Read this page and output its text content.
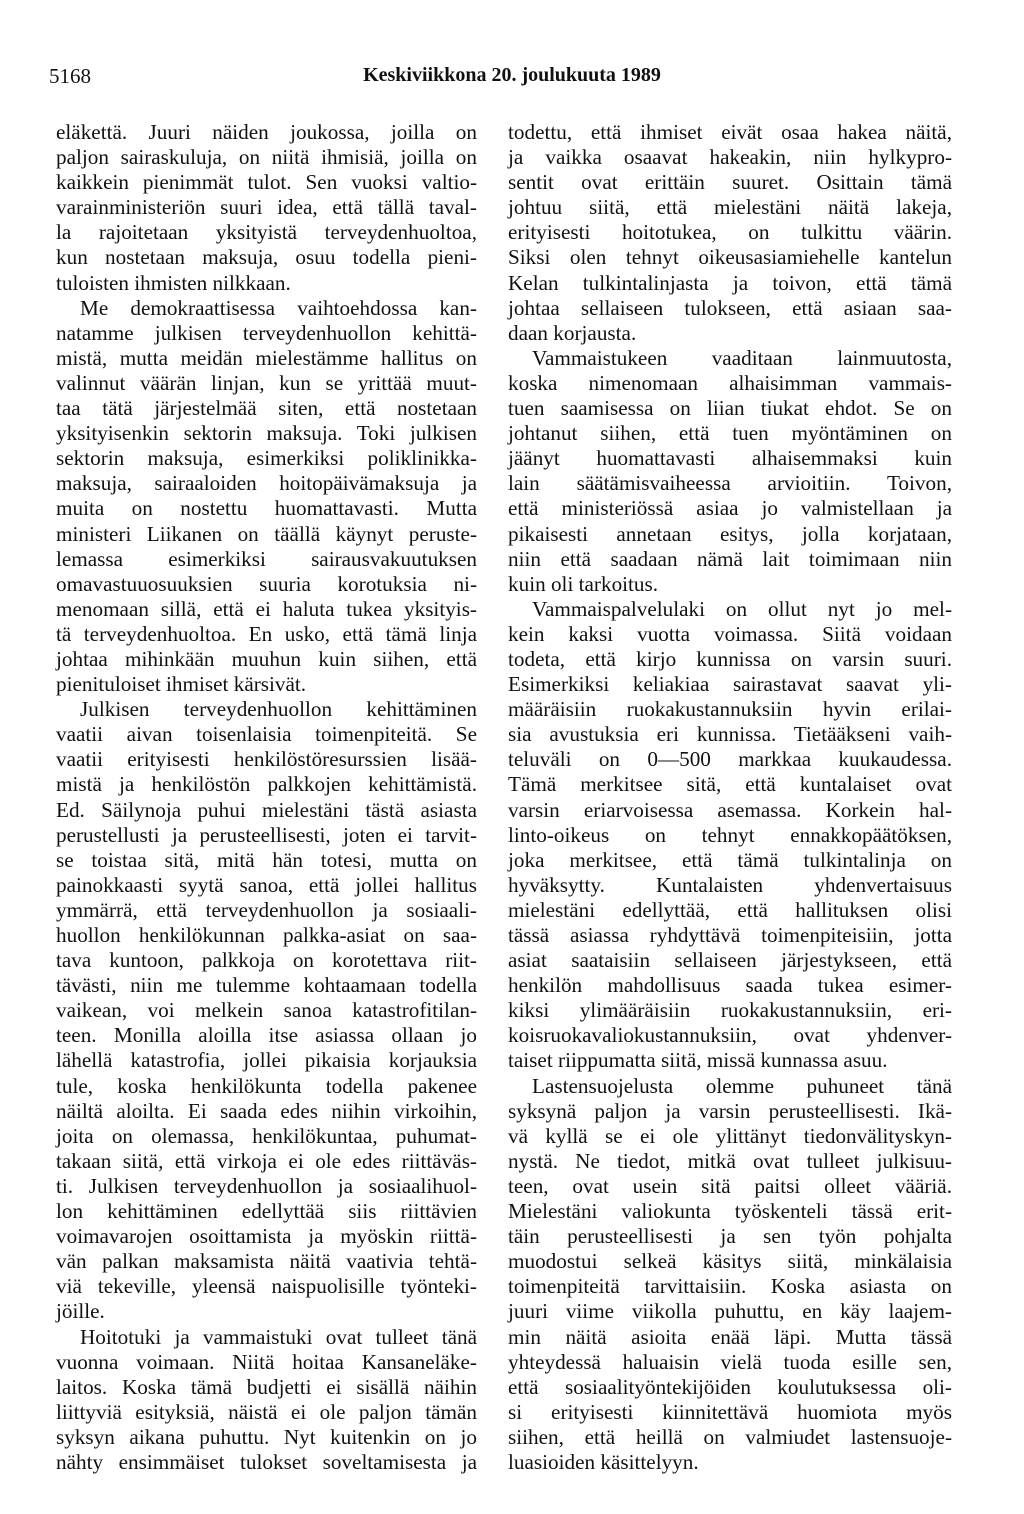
5168	Keskiviikkona 20. joulukuuta 1989
eläkettä. Juuri näiden joukossa, joilla on
paljon sairaskuluja, on niitä ihmisiä, joilla on
kaikkein pienimmät tulot. Sen vuoksi valtio-
varainministeriön suuri idea, että tällä taval-
la rajoitetaan yksityistä terveydenhuoltoa,
kun nostetaan maksuja, osuu todella pieni-
tuloisten ihmisten nilkkaan.
Me demokraattisessa vaihtoehdossa kan-
natamme julkisen terveydenhuollon kehittä-
mistä, mutta meidän mielestämme hallitus on
valinnut väärän linjan, kun se yrittää muut-
taa tätä järjestelmää siten, että nostetaan
yksityisenkin sektorin maksuja. Toki julkisen
sektorin maksuja, esimerkiksi poliklinikka-
maksuja, sairaaloiden hoitopäivämaksuja ja
muita on nostettu huomattavasti. Mutta
ministeri Liikanen on täällä käynyt peruste-
lemassa esimerkiksi sairausvakuutuksen
omavastuuosuuksien suuria korotuksia ni-
menomaan sillä, että ei haluta tukea yksityis-
tä terveydenhuoltoa. En usko, että tämä linja
johtaa mihinkään muuhun kuin siihen, että
pienituloiset ihmiset kärsivät.
Julkisen terveydenhuollon kehittäminen
vaatii aivan toisenlaisia toimenpiteitä. Se
vaatii erityisesti henkilöstöresurssien lisää-
mistä ja henkilöstön palkkojen kehittämistä.
Ed. Säilynoja puhui mielestäni tästä asiasta
perustellusti ja perusteellisesti, joten ei tarvit-
se toistaa sitä, mitä hän totesi, mutta on
painokkaasti syytä sanoa, että jollei hallitus
ymmärrä, että terveydenhuollon ja sosiaali-
huollon henkilökunnan palkka-asiat on saa-
tava kuntoon, palkkoja on korotettava riit-
tävästi, niin me tulemme kohtaamaan todella
vaikean, voi melkein sanoa katastrofitilan-
teen. Monilla aloilla itse asiassa ollaan jo
lähellä katastrofia, jollei pikaisia korjauksia
tule, koska henkilökunta todella pakenee
näiltä aloilta. Ei saada edes niihin virkoihin,
joita on olemassa, henkilökuntaa, puhumat-
takaan siitä, että virkoja ei ole edes riittäväs-
ti. Julkisen terveydenhuollon ja sosiaalihuol-
lon kehittäminen edellyttää siis riittävien
voimavarojen osoittamista ja myöskin riittä-
vän palkan maksamista näitä vaativia tehtä-
viä tekeville, yleensä naispuolisille työnteki-
jöille.
Hoitotuki ja vammaistuki ovat tulleet tänä
vuonna voimaan. Niitä hoitaa Kansaneläke-
laitos. Koska tämä budjetti ei sisällä näihin
liittyviä esityksiä, näistä ei ole paljon tämän
syksyn aikana puhuttu. Nyt kuitenkin on jo
nähty ensimmäiset tulokset soveltamisesta ja
todettu, että ihmiset eivät osaa hakea näitä,
ja vaikka osaavat hakeakin, niin hylkypro-
sentit ovat erittäin suuret. Osittain tämä
johtuu siitä, että mielestäni näitä lakeja,
erityisesti hoitotukea, on tulkittu väärin.
Siksi olen tehnyt oikeusasiamiehelle kantelun
Kelan tulkintalinjasta ja toivon, että tämä
johtaa sellaiseen tulokseen, että asiaan saa-
daan korjausta.
Vammaistukeen vaaditaan lainmuutosta,
koska nimenomaan alhaisimman vammais-
tuen saamisessa on liian tiukat ehdot. Se on
johtanut siihen, että tuen myöntäminen on
jäänyt huomattavasti alhaisemmaksi kuin
lain säätämisvaiheessa arvioitiin. Toivon,
että ministeriössä asiaa jo valmistellaan ja
pikaisesti annetaan esitys, jolla korjataan,
niin että saadaan nämä lait toimimaan niin
kuin oli tarkoitus.
Vammaispalvelulaki on ollut nyt jo mel-
kein kaksi vuotta voimassa. Siitä voidaan
todeta, että kirjo kunnissa on varsin suuri.
Esimerkiksi keliakiaa sairastavat saavat yli-
määräisiin ruokakustannuksiin hyvin erilai-
sia avustuksia eri kunnissa. Tietääkseni vaih-
teluväli on 0—500 markkaa kuukaudessa.
Tämä merkitsee sitä, että kuntalaiset ovat
varsin eriarvoisessa asemassa. Korkein hal-
linto-oikeus on tehnyt ennakkopäätöksen,
joka merkitsee, että tämä tulkintalinja on
hyväksytty. Kuntalaisten yhdenvertaisuus
mielestäni edellyttää, että hallituksen olisi
tässä asiassa ryhdyttävä toimenpiteisiin, jotta
asiat saataisiin sellaiseen järjestykseen, että
henkilön mahdollisuus saada tukea esimer-
kiksi ylimääräisiin ruokakustannuksiin, eri-
koisruokavaliokustannuksiin, ovat yhdenver-
taiset riippumatta siitä, missä kunnassa asuu.
Lastensuojelusta olemme puhuneet tänä
syksynä paljon ja varsin perusteellisesti. Ikä-
vä kyllä se ei ole ylittänyt tiedonvälityskyn-
nystä. Ne tiedot, mitkä ovat tulleet julkisuu-
teen, ovat usein sitä paitsi olleet vääriä.
Mielestäni valiokunta työskenteli tässä erit-
täin perusteellisesti ja sen työn pohjalta
muodostui selkeä käsitys siitä, minkälaisia
toimenpiteitä tarvittaisiin. Koska asiasta on
juuri viime viikolla puhuttu, en käy laajem-
min näitä asioita enää läpi. Mutta tässä
yhteydessä haluaisin vielä tuoda esille sen,
että sosiaalityöntekijöiden koulutuksessa oli-
si erityisesti kiinnitettävä huomiota myös
siihen, että heillä on valmiudet lastensuoje-
luasioiden käsittelyyn.
